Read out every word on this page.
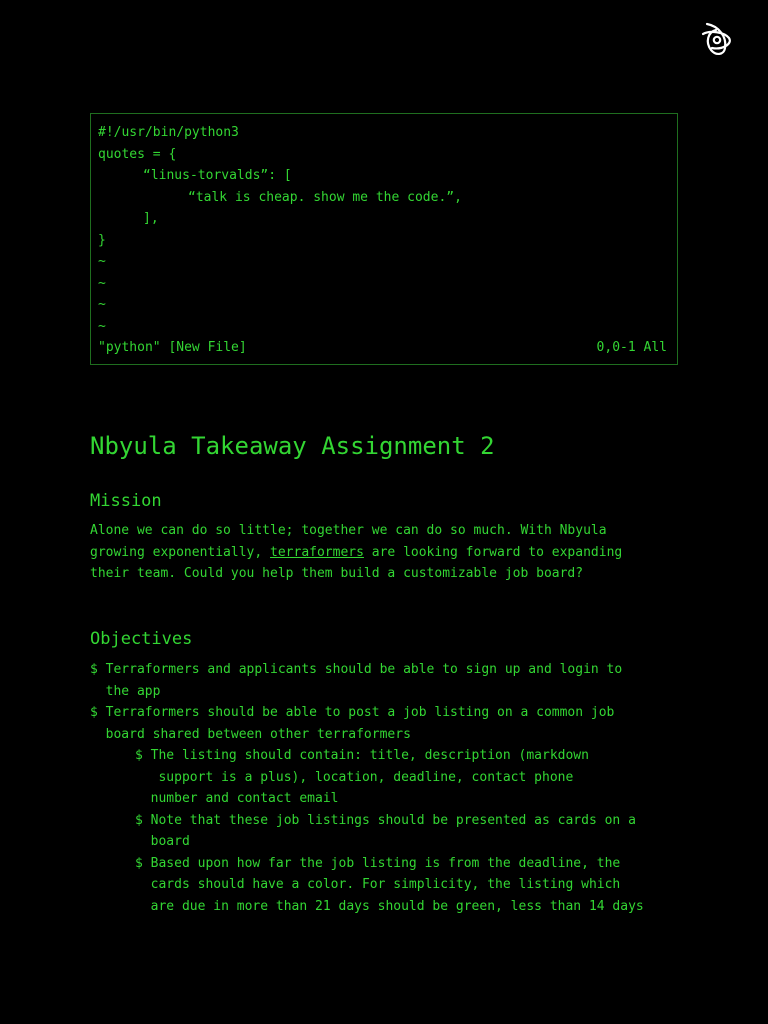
#!/usr/bin/python3
quotes = {
“linus-torvalds”: [
“talk is cheap. show me the code.”,
],
}
~
~
~
~
"python" [New File]	0,0-1 All
Nbyula Takeaway Assignment 2
Mission

Alone we can do so little; together we can do so much. With Nbyula
growing exponentially, terraformers are looking forward to expanding
their team. Could you help them build a customizable job board?

Objectives
$ Terraformers and applicants should be able to sign up and login to
the app
$ Terraformers should be able to post a job listing on a common job
board shared between other terraformers
$ The listing should contain: title, description (markdown
support is a plus), location, deadline, contact phone
number and contact email
$ Note that these job listings should be presented as cards on a
board
$ Based upon how far the job listing is from the deadline, the
cards should have a color. For simplicity, the listing which
are due in more than 21 days should be green, less than 14 days
